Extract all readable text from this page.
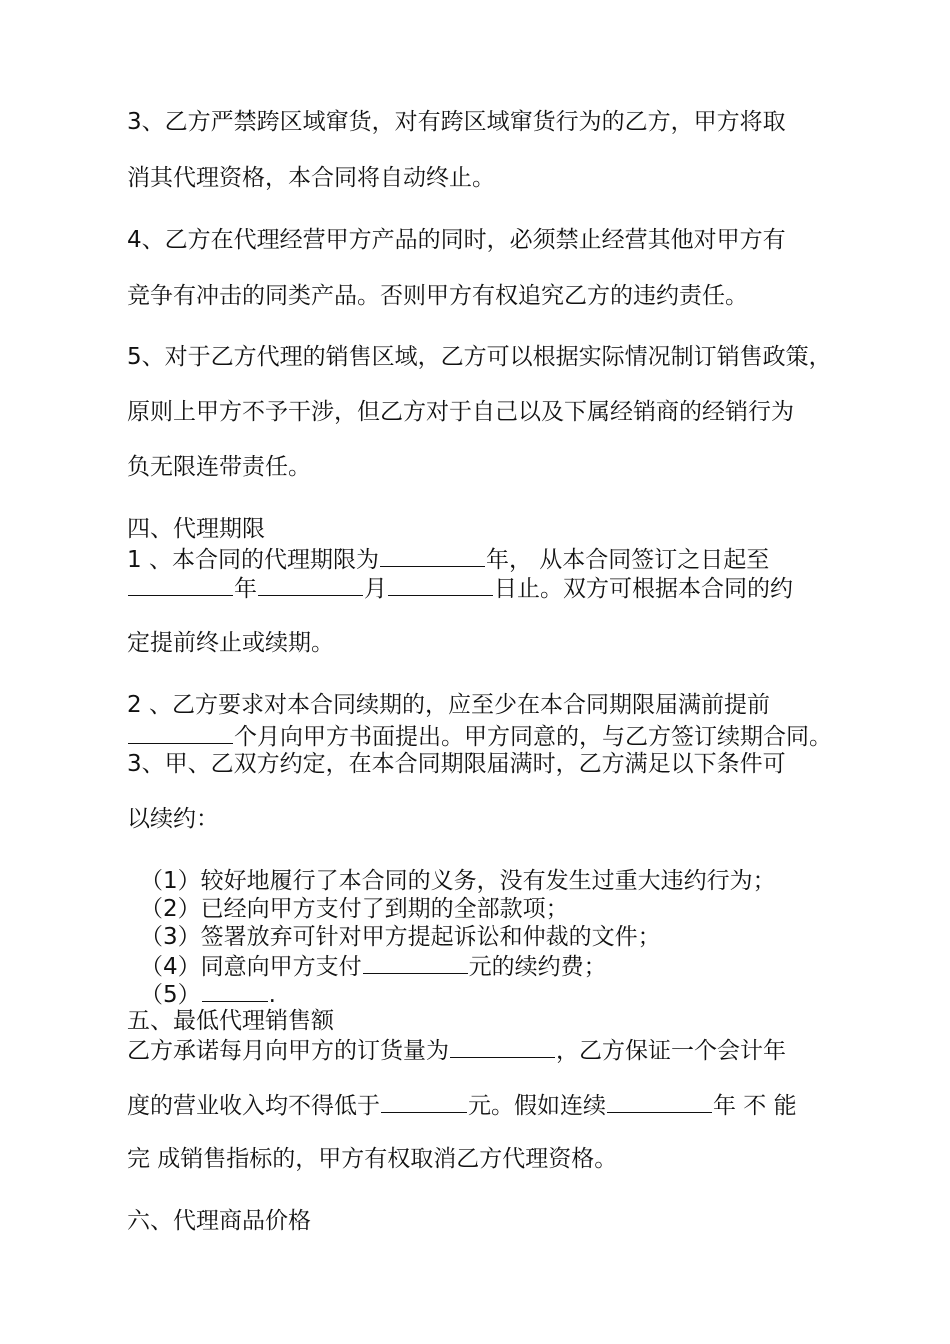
3、乙方严禁跨区域窜货，对有跨区域窜货行为的乙方，甲方将取

消其代理资格，本合同将自动终止。

4、乙方在代理经营甲方产品的同时，必须禁止经营其他对甲方有

竞争有冲击的同类产品。否则甲方有权追究乙方的违约责任。

5、对于乙方代理的销售区域，乙方可以根据实际情况制订销售政策，

原则上甲方不予干涉，但乙方对于自己以及下属经销商的经销行为

负无限连带责任。

四、代理期限

1 、本合同的代理期限为	年， 从本合同签订之日起至

年	月	日止。双方可根据本合同的约

定提前终止或续期。

2 、乙方要求对本合同续期的，应至少在本合同期限届满前提前

个月向甲方书面提出。甲方同意的，与乙方签订续期合同。

3、甲、乙双方约定，在本合同期限届满时，乙方满足以下条件可

以续约：

（1）较好地履行了本合同的义务，没有发生过重大违约行为；

（2）已经向甲方支付了到期的全部款项；

（3）签署放弃可针对甲方提起诉讼和仲裁的文件；

（4）同意向甲方支付	元的续约费；

（5）	.

五、最低代理销售额

乙方承诺每月向甲方的订货量为	，乙方保证一个会计年

度的营业收入均不得低于	元。假如连续	年 不 能

完 成销售指标的，甲方有权取消乙方代理资格。

六、代理商品价格
